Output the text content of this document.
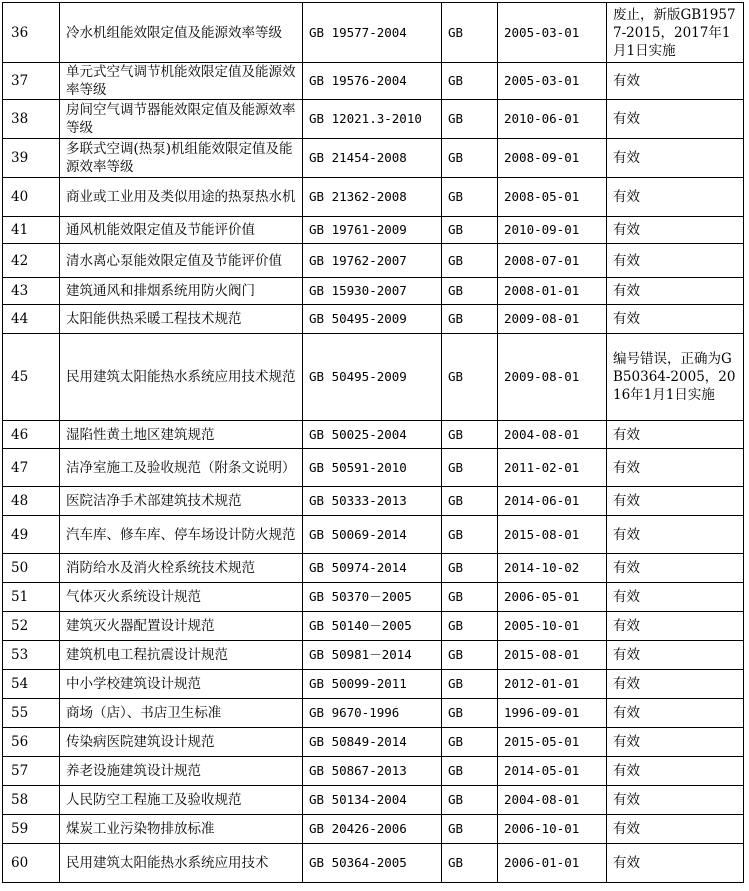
36	冷水机组能效限定值及能源效率等级	GB 19577-2004	GB	2005-03-01	废止，新版GB19577-2015，2017年1月1日实施
37	单元式空气调节机能效限定值及能源效率等级	GB 19576-2004	GB	2005-03-01	有效
38	房间空气调节器能效限定值及能源效率等级	GB 12021.3-2010	GB	2010-06-01	有效
39	多联式空调(热泵)机组能效限定值及能源效率等级	GB 21454-2008	GB	2008-09-01	有效
40	商业或工业用及类似用途的热泵热水机	GB 21362-2008	GB	2008-05-01	有效
41	通风机能效限定值及节能评价值	GB 19761-2009	GB	2010-09-01	有效
42	清水离心泵能效限定值及节能评价值	GB 19762-2007	GB	2008-07-01	有效
43	建筑通风和排烟系统用防火阀门	GB 15930-2007	GB	2008-01-01	有效
44	太阳能供热采暖工程技术规范	GB 50495-2009	GB	2009-08-01	有效
45	民用建筑太阳能热水系统应用技术规范	GB 50495-2009	GB	2009-08-01	编号错误，正确为GB50364-2005，2016年1月1日实施
46	湿陷性黄土地区建筑规范	GB 50025-2004	GB	2004-08-01	有效
47	洁净室施工及验收规范（附条文说明）	GB 50591-2010	GB	2011-02-01	有效
48	医院洁净手术部建筑技术规范	GB 50333-2013	GB	2014-06-01	有效
49	汽车库、修车库、停车场设计防火规范	GB 50069-2014	GB	2015-08-01	有效
50	消防给水及消火栓系统技术规范	GB 50974-2014	GB	2014-10-02	有效
51	气体灭火系统设计规范	GB 50370－2005	GB	2006-05-01	有效
52	建筑灭火器配置设计规范	GB 50140－2005	GB	2005-10-01	有效
53	建筑机电工程抗震设计规范	GB 50981－2014	GB	2015-08-01	有效
54	中小学校建筑设计规范	GB 50099-2011	GB	2012-01-01	有效
55	商场（店）、书店卫生标准	GB 9670-1996	GB	1996-09-01	有效
56	传染病医院建筑设计规范	GB 50849-2014	GB	2015-05-01	有效
57	养老设施建筑设计规范	GB 50867-2013	GB	2014-05-01	有效
58	人民防空工程施工及验收规范	GB 50134-2004	GB	2004-08-01	有效
59	煤炭工业污染物排放标准	GB 20426-2006	GB	2006-10-01	有效
60	民用建筑太阳能热水系统应用技术	GB 50364-2005	GB	2006-01-01	有效
